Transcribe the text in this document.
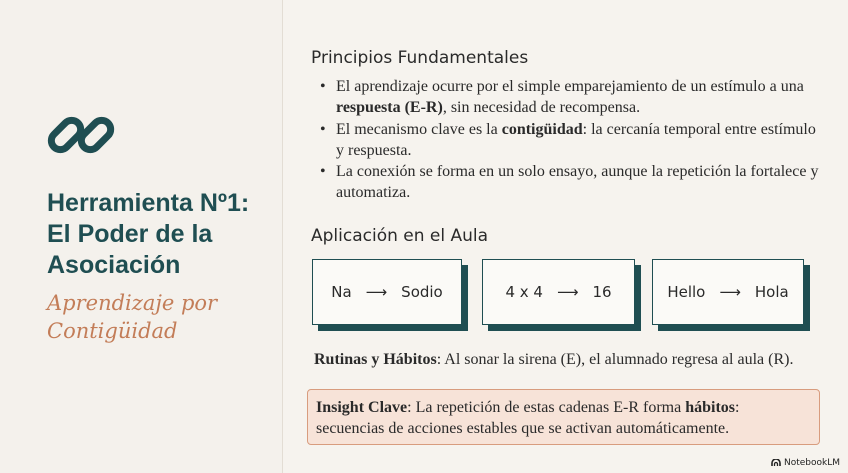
Herramienta Nº1:
El Poder de la
Asociación
Aprendizaje por
Contigüidad
Principios Fundamentales
• El aprendizaje ocurre por el simple emparejamiento de un estímulo a una respuesta (E-R), sin necesidad de recompensa.
• El mecanismo clave es la contigüidad: la cercanía temporal entre estímulo y respuesta.
• La conexión se forma en un solo ensayo, aunque la repetición la fortalece y automatiza.
Aplicación en el Aula
Na ⟶ Sodio	4 x 4 ⟶ 16	Hello ⟶ Hola
Rutinas y Hábitos: Al sonar la sirena (E), el alumnado regresa al aula (R).
Insight Clave: La repetición de estas cadenas E-R forma hábitos: secuencias de acciones estables que se activan automáticamente.
NotebookLM
